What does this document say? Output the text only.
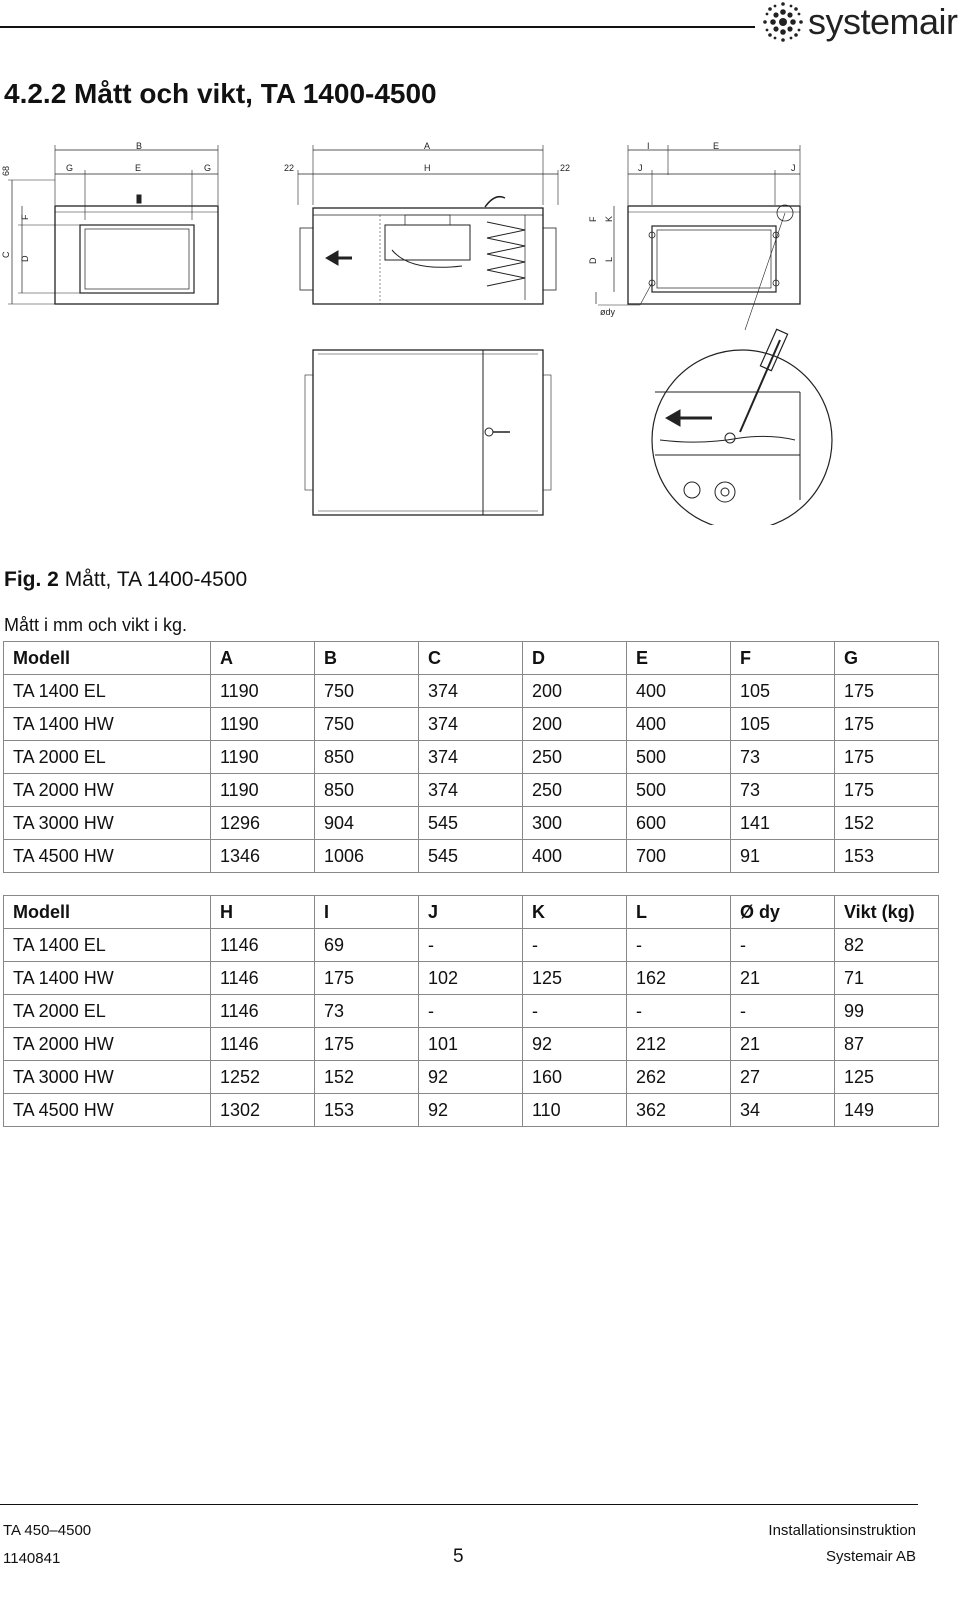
systemair
4.2.2 Mått och vikt, TA 1400-4500
B
G	E	G
68
C
D
F
22
A
H	22
I	E
J	J
F K
D L
ødy

Fig. 2 Mått, TA 1400-4500

Mått i mm och vikt i kg.

Modell	A	B	C	D	E	F	G
TA 1400 EL	1190	750	374	200	400	105	175
TA 1400 HW	1190	750	374	200	400	105	175
TA 2000 EL	1190	850	374	250	500	73	175
TA 2000 HW	1190	850	374	250	500	73	175
TA 3000 HW	1296	904	545	300	600	141	152
TA 4500 HW	1346	1006	545	400	700	91	153
Modell	H	I	J	K	L	Ø dy	Vikt (kg)
TA 1400 EL	1146	69	-	-	-	-	82
TA 1400 HW	1146	175	102	125	162	21	71
TA 2000 EL	1146	73	-	-	-	-	99
TA 2000 HW	1146	175	101	92	212	21	87
TA 3000 HW	1252	152	92	160	262	27	125
TA 4500 HW	1302	153	92	110	362	34	149
TA 450–4500
1140841	5
Installationsinstruktion
Systemair AB
